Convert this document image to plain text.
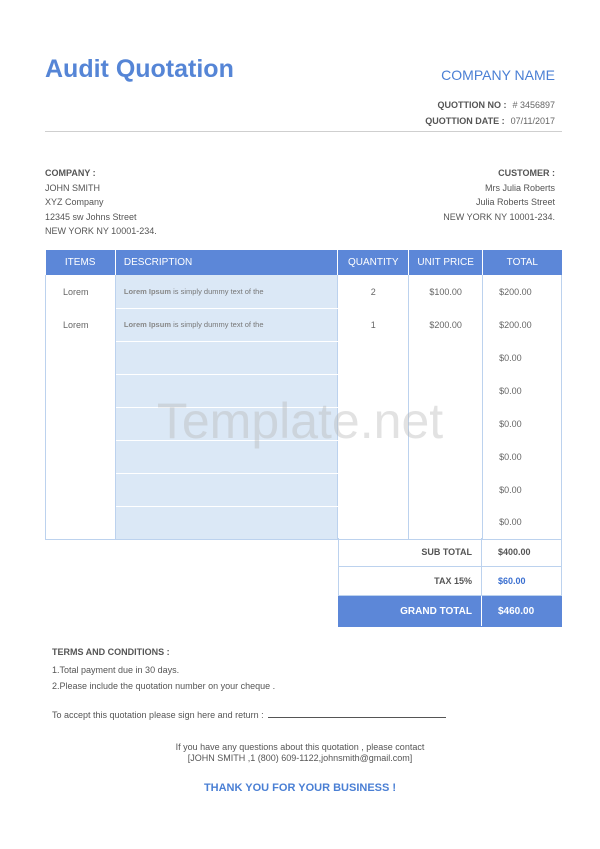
Audit Quotation	COMPANY NAME
QUOTTION NO : # 3456897
QUOTTION DATE : 07/11/2017
COMPANY :
JOHN SMITH
XYZ Company
12345 sw Johns Street
NEW YORK NY 10001-234.
CUSTOMER :
Mrs Julia Roberts
Julia Roberts Street
NEW YORK NY 10001-234.
ITEMS	DESCRIPTION	QUANTITY	UNIT PRICE	TOTAL
Lorem	Lorem Ipsum is simply dummy text of the	2	$100.00	$200.00
Lorem	Lorem Ipsum is simply dummy text of the	1	$200.00	$200.00
				$0.00
				$0.00
				$0.00
				$0.00
				$0.00
				$0.00
SUB TOTAL	$400.00
TAX 15%	$60.00
GRAND TOTAL	$460.00
TERMS AND CONDITIONS :
1.Total payment due in 30 days.
2.Please include the quotation number on your cheque .
To accept this quotation please sign here and return :
If you have any questions about this quotation , please contact
[JOHN SMITH ,1 (800) 609-1122,johnsmith@gmail.com]
THANK YOU FOR YOUR BUSINESS !
Template.net
